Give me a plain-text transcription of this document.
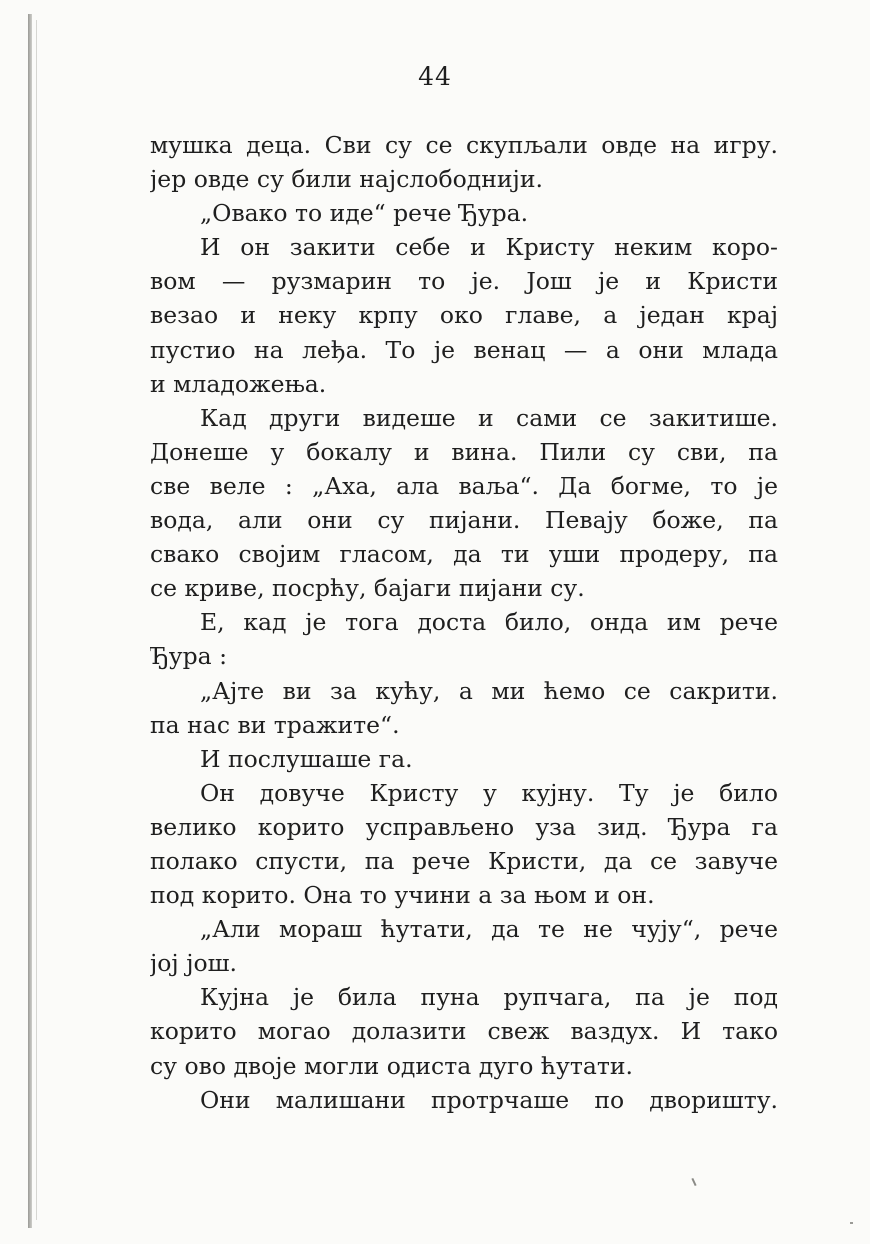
44
мушка деца. Сви су се скупљали овде на игру.
јер овде су били најслободнији.
„Овако то иде“ рече Ђура.
И он закити себе и Кристу неким коро-
вом — рузмарин то је. Још је и Кристи
везао и неку крпу око главе, а један крај
пустио на леђа. То је венац — а они млада
и младожења.
Кад други видеше и сами се закитише.
Донеше у бокалу и вина. Пили су сви, па
све веле : „Аха, ала ваља“. Да богме, то је
вода, али они су пијани. Певају боже, па
свако својим гласом, да ти уши продеру, па
се криве, посрћу, бајаги пијани су.
Е, кад је тога доста било, онда им рече
Ђура :
„Ајте ви за кућу, а ми ћемо се сакрити.
па нас ви тражите“.
И послушаше га.
Он довуче Кристу у кујну. Ту је било
велико корито усправљено уза зид. Ђура га
полако спусти, па рече Кристи, да се завуче
под корито. Она то учини а за њом и он.
„Али мораш ћутати, да те не чују“, рече
јој још.
Кујна је била пуна рупчага, па је под
корито могао долазити свеж ваздух. И тако
су ово двоје могли одиста дуго ћутати.
Они малишани протрчаше по дворишту.
